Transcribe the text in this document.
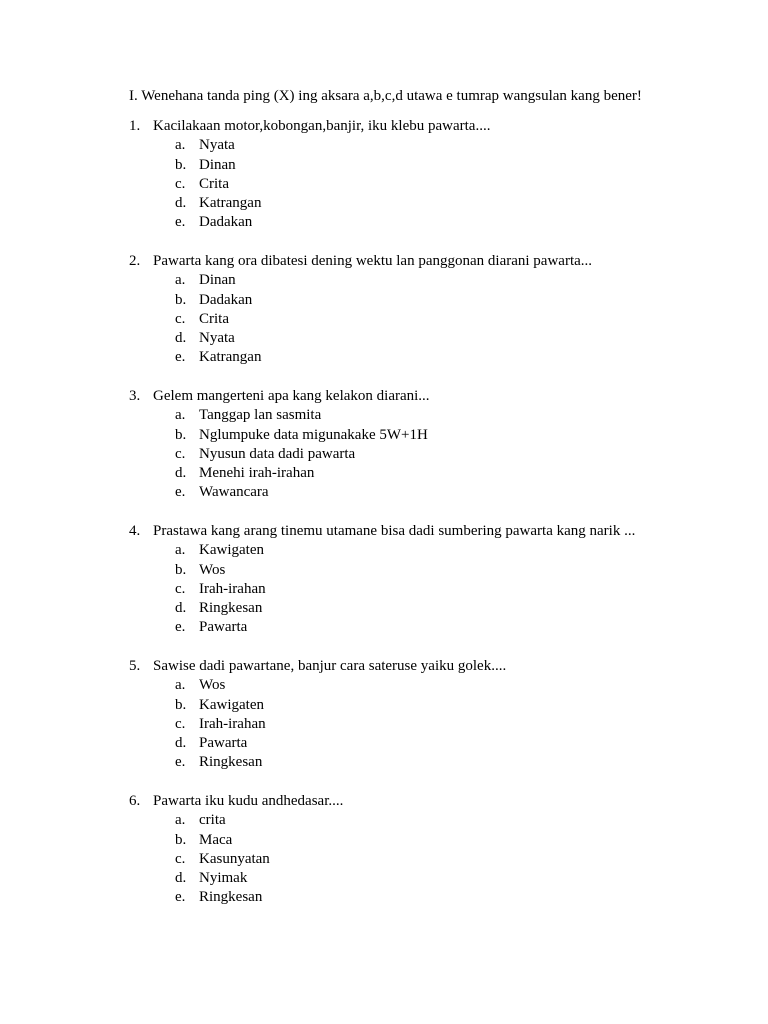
I. Wenehana tanda ping (X) ing aksara a,b,c,d utawa e tumrap wangsulan kang bener!
1. Kacilakaan motor,kobongan,banjir, iku klebu pawarta....
a. Nyata
b. Dinan
c. Crita
d. Katrangan
e. Dadakan
2. Pawarta kang ora dibatesi dening wektu lan panggonan diarani pawarta...
a. Dinan
b. Dadakan
c. Crita
d. Nyata
e. Katrangan
3. Gelem mangerteni apa kang kelakon diarani...
a. Tanggap lan sasmita
b. Nglumpuke data migunakake 5W+1H
c. Nyusun data dadi pawarta
d. Menehi irah-irahan
e. Wawancara
4. Prastawa kang arang tinemu utamane bisa dadi sumbering pawarta kang narik ...
a. Kawigaten
b. Wos
c. Irah-irahan
d. Ringkesan
e. Pawarta
5. Sawise dadi pawartane, banjur cara sateruse yaiku golek....
a. Wos
b. Kawigaten
c. Irah-irahan
d. Pawarta
e. Ringkesan
6. Pawarta iku kudu andhedasar....
a. crita
b. Maca
c. Kasunyatan
d. Nyimak
e. Ringkesan
